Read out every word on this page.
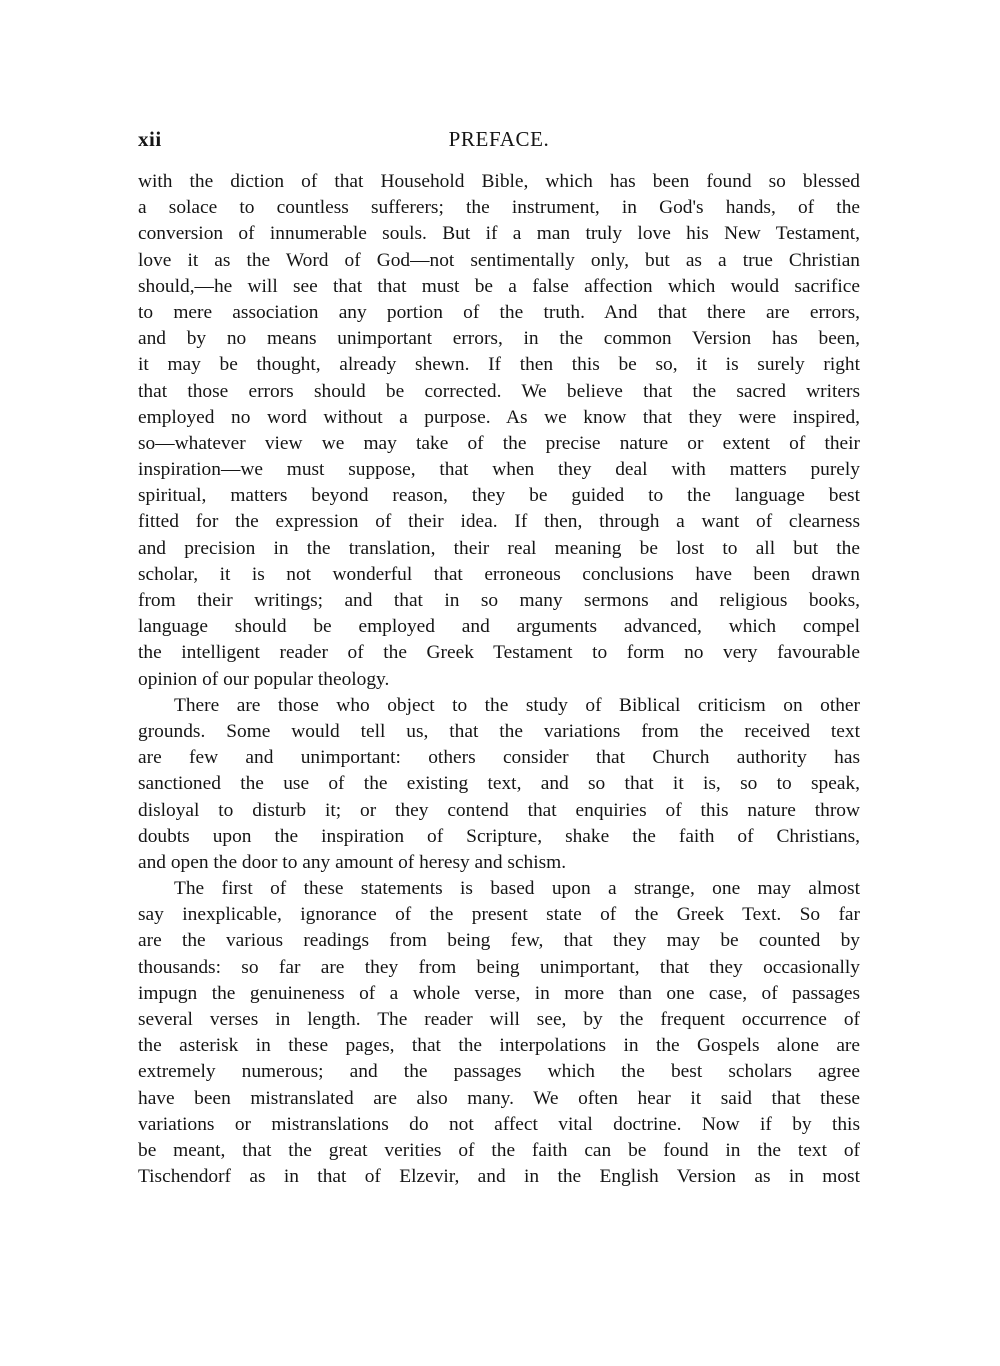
xii	PREFACE.
with the diction of that Household Bible, which has been found so blessed
a solace to countless sufferers; the instrument, in God's hands, of the
conversion of innumerable souls. But if a man truly love his New Testament,
love it as the Word of God—not sentimentally only, but as a true Christian
should,—he will see that that must be a false affection which would sacrifice
to mere association any portion of the truth. And that there are errors,
and by no means unimportant errors, in the common Version has been,
it may be thought, already shewn. If then this be so, it is surely right
that those errors should be corrected. We believe that the sacred writers
employed no word without a purpose. As we know that they were inspired,
so—whatever view we may take of the precise nature or extent of their
inspiration—we must suppose, that when they deal with matters purely
spiritual, matters beyond reason, they be guided to the language best
fitted for the expression of their idea. If then, through a want of clearness
and precision in the translation, their real meaning be lost to all but the
scholar, it is not wonderful that erroneous conclusions have been drawn
from their writings; and that in so many sermons and religious books,
language should be employed and arguments advanced, which compel
the intelligent reader of the Greek Testament to form no very favourable
opinion of our popular theology.
There are those who object to the study of Biblical criticism on other
grounds. Some would tell us, that the variations from the received text
are few and unimportant: others consider that Church authority has
sanctioned the use of the existing text, and so that it is, so to speak,
disloyal to disturb it; or they contend that enquiries of this nature throw
doubts upon the inspiration of Scripture, shake the faith of Christians,
and open the door to any amount of heresy and schism.
The first of these statements is based upon a strange, one may almost
say inexplicable, ignorance of the present state of the Greek Text. So far
are the various readings from being few, that they may be counted by
thousands: so far are they from being unimportant, that they occasionally
impugn the genuineness of a whole verse, in more than one case, of passages
several verses in length. The reader will see, by the frequent occurrence of
the asterisk in these pages, that the interpolations in the Gospels alone are
extremely numerous; and the passages which the best scholars agree
have been mistranslated are also many. We often hear it said that these
variations or mistranslations do not affect vital doctrine. Now if by this
be meant, that the great verities of the faith can be found in the text of
Tischendorf as in that of Elzevir, and in the English Version as in most
